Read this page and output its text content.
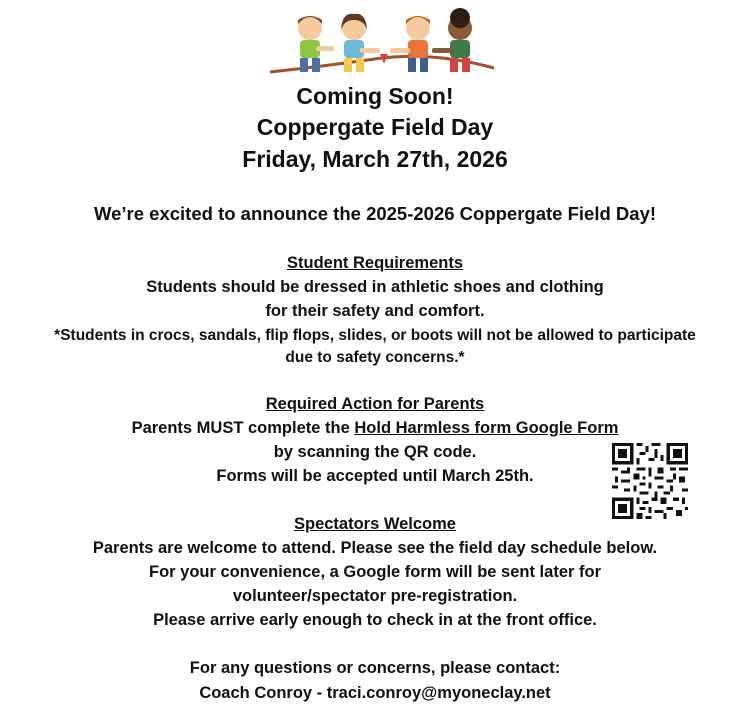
Coming Soon!
Coppergate Field Day
Friday, March 27th, 2026
We’re excited to announce the 2025-2026 Coppergate Field Day!
Student Requirements
Students should be dressed in athletic shoes and clothing
for their safety and comfort.
*Students in crocs, sandals, flip flops, slides, or boots will not be allowed to participate
due to safety concerns.*
Required Action for Parents
Parents MUST complete the Hold Harmless form Google Form
by scanning the QR code.
Forms will be accepted until March 25th.
Spectators Welcome
Parents are welcome to attend. Please see the field day schedule below.
For your convenience, a Google form will be sent later for
volunteer/spectator pre-registration.
Please arrive early enough to check in at the front office.
For any questions or concerns, please contact:
Coach Conroy - traci.conroy@myoneclay.net
